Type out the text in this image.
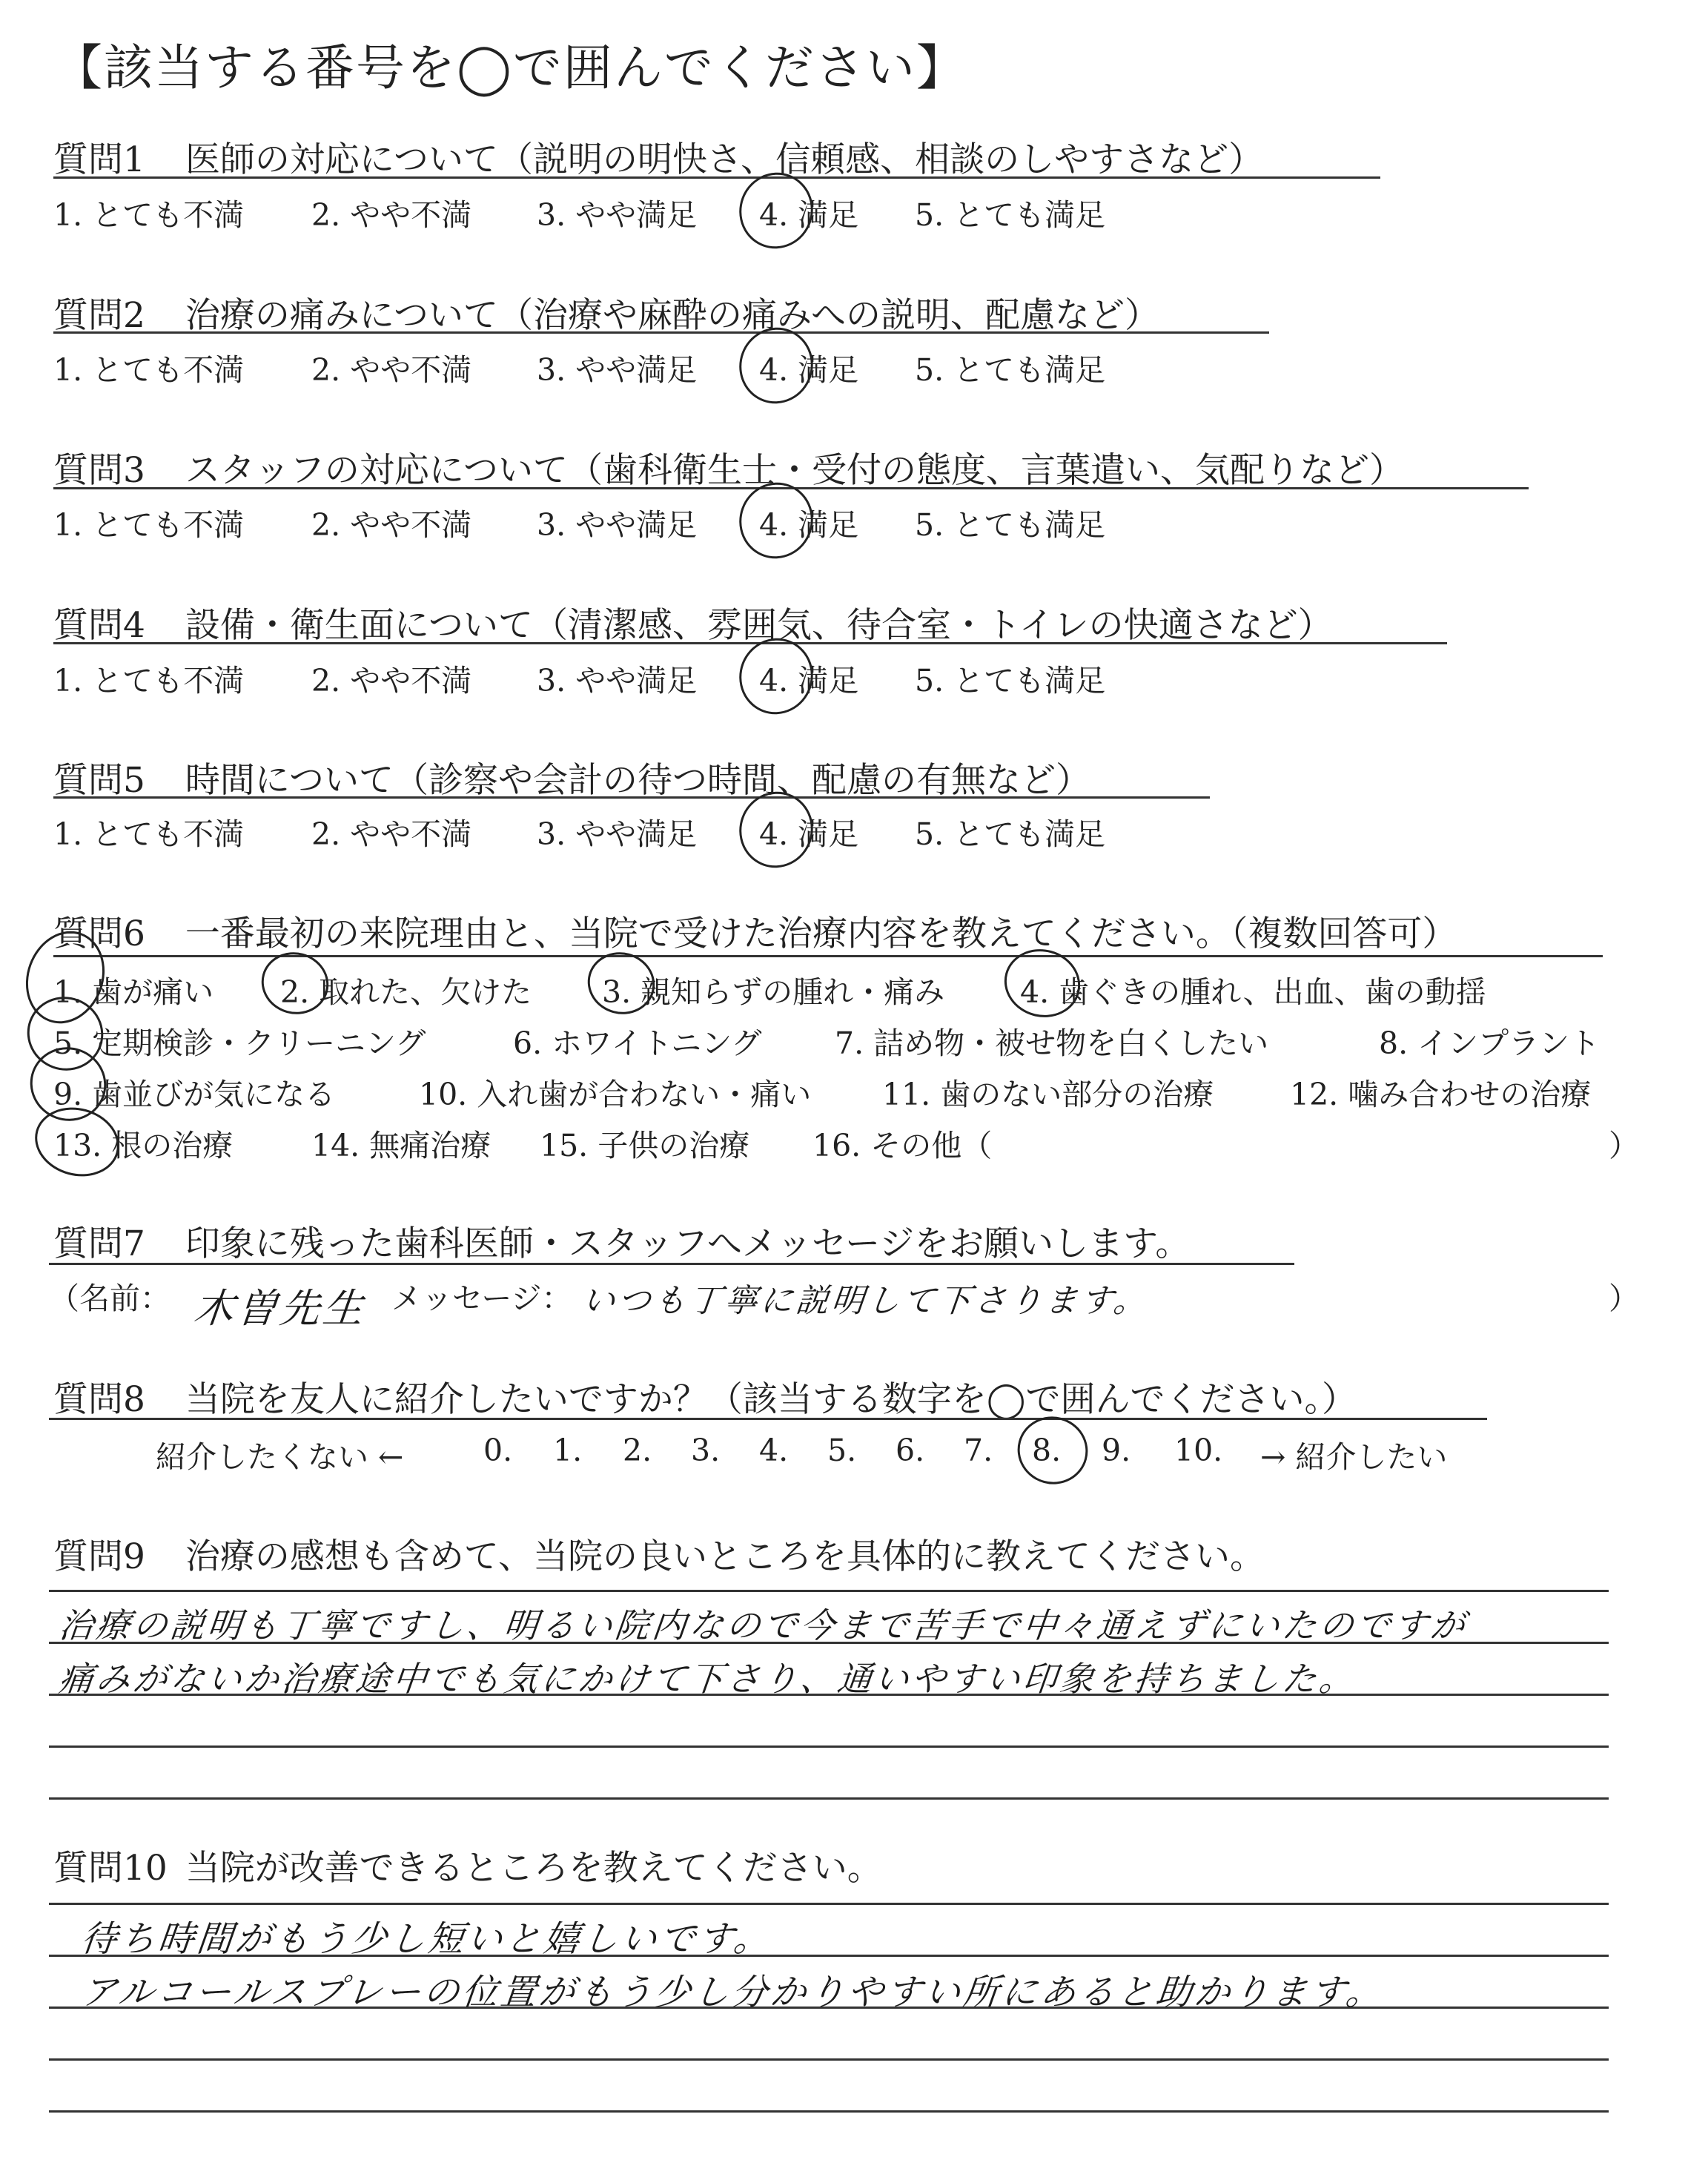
【該当する番号を◯で囲んでください】
質問1 医師の対応について（説明の明快さ、信頼感、相談のしやすさなど）
1. とても不満 2. やや不満 3. やや満足 4. 満足 5. とても満足
質問2 治療の痛みについて（治療や麻酔の痛みへの説明、配慮など）
1. とても不満 2. やや不満 3. やや満足 4. 満足 5. とても満足
質問3 スタッフの対応について（歯科衛生士・受付の態度、言葉遣い、気配りなど）
1. とても不満 2. やや不満 3. やや満足 4. 満足 5. とても満足
質問4 設備・衛生面について（清潔感、雰囲気、待合室・トイレの快適さなど）
1. とても不満 2. やや不満 3. やや満足 4. 満足 5. とても満足
質問5 時間について（診察や会計の待つ時間、配慮の有無など）
1. とても不満 2. やや不満 3. やや満足 4. 満足 5. とても満足
質問6 一番最初の来院理由と、当院で受けた治療内容を教えてください。（複数回答可）
1. 歯が痛い 2. 取れた、欠けた 3. 親知らずの腫れ・痛み 4. 歯ぐきの腫れ、出血、歯の動揺
5. 定期検診・クリーニング	6. ホワイトニング 7. 詰め物・被せ物を白くしたい	8. インプラント
9. 歯並びが気になる	10. 入れ歯が合わない・痛い 11. 歯のない部分の治療	12. 噛み合わせの治療
13. 根の治療	14. 無痛治療 15. 子供の治療 16. その他（	）
質問7 印象に残った歯科医師・スタッフへメッセージをお願いします。
（名前： 木曽先生 メッセージ： いつも丁寧に説明して下さります。	）
質問8 当院を友人に紹介したいですか？（該当する数字を◯で囲んでください。）
紹介したくない ←	0. 1. 2. 3. 4. 5. 6. 7. 8. 9. 10. → 紹介したい
質問9 治療の感想も含めて、当院の良いところを具体的に教えてください。
治療の説明も丁寧ですし、明るい院内なので今まで苦手で中々通えずにいたのですが
痛みがないか治療途中でも気にかけて下さり、通いやすい印象を持ちました。
質問10 当院が改善できるところを教えてください。
待ち時間がもう少し短いと嬉しいです。
アルコールスプレーの位置がもう少し分かりやすい所にあると助かります。
